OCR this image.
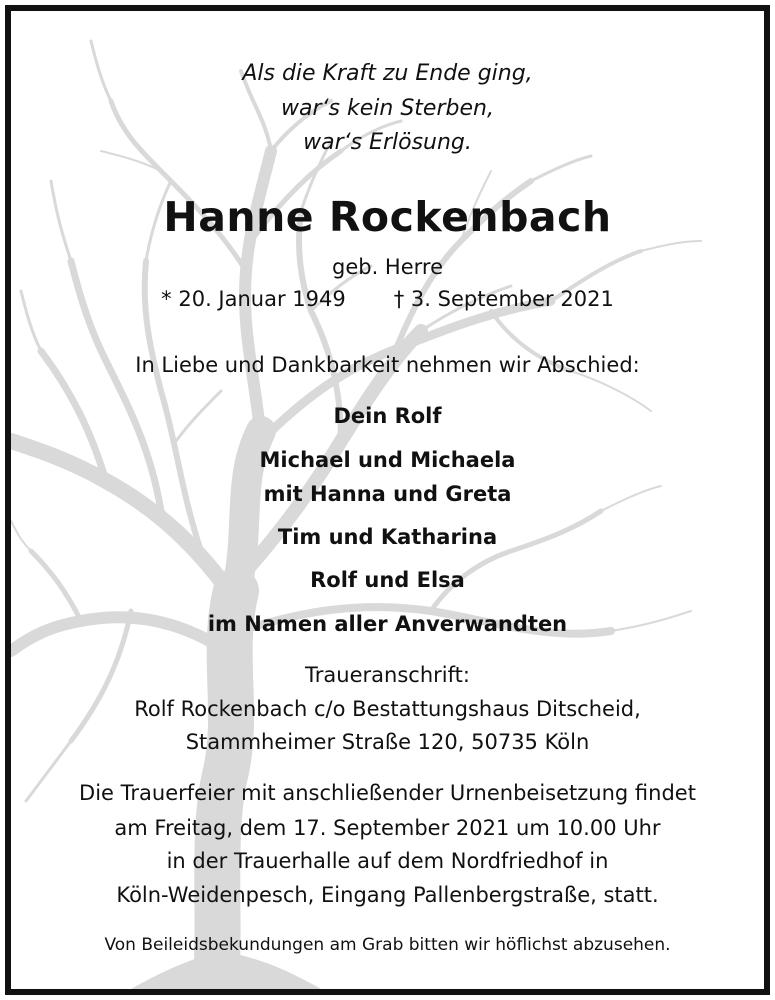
Als die Kraft zu Ende ging,
war‘s kein Sterben,
war‘s Erlösung.
Hanne Rockenbach
geb. Herre
* 20. Januar 1949 † 3. September 2021
In Liebe und Dankbarkeit nehmen wir Abschied:
Dein Rolf
Michael und Michaela
mit Hanna und Greta
Tim und Katharina
Rolf und Elsa
im Namen aller Anverwandten
Traueranschrift:
Rolf Rockenbach c/o Bestattungshaus Ditscheid,
Stammheimer Straße 120, 50735 Köln
Die Trauerfeier mit anschließender Urnenbeisetzung findet
am Freitag, dem 17. September 2021 um 10.00 Uhr
in der Trauerhalle auf dem Nordfriedhof in
Köln-Weidenpesch, Eingang Pallenbergstraße, statt.
Von Beileidsbekundungen am Grab bitten wir höflichst abzusehen.
